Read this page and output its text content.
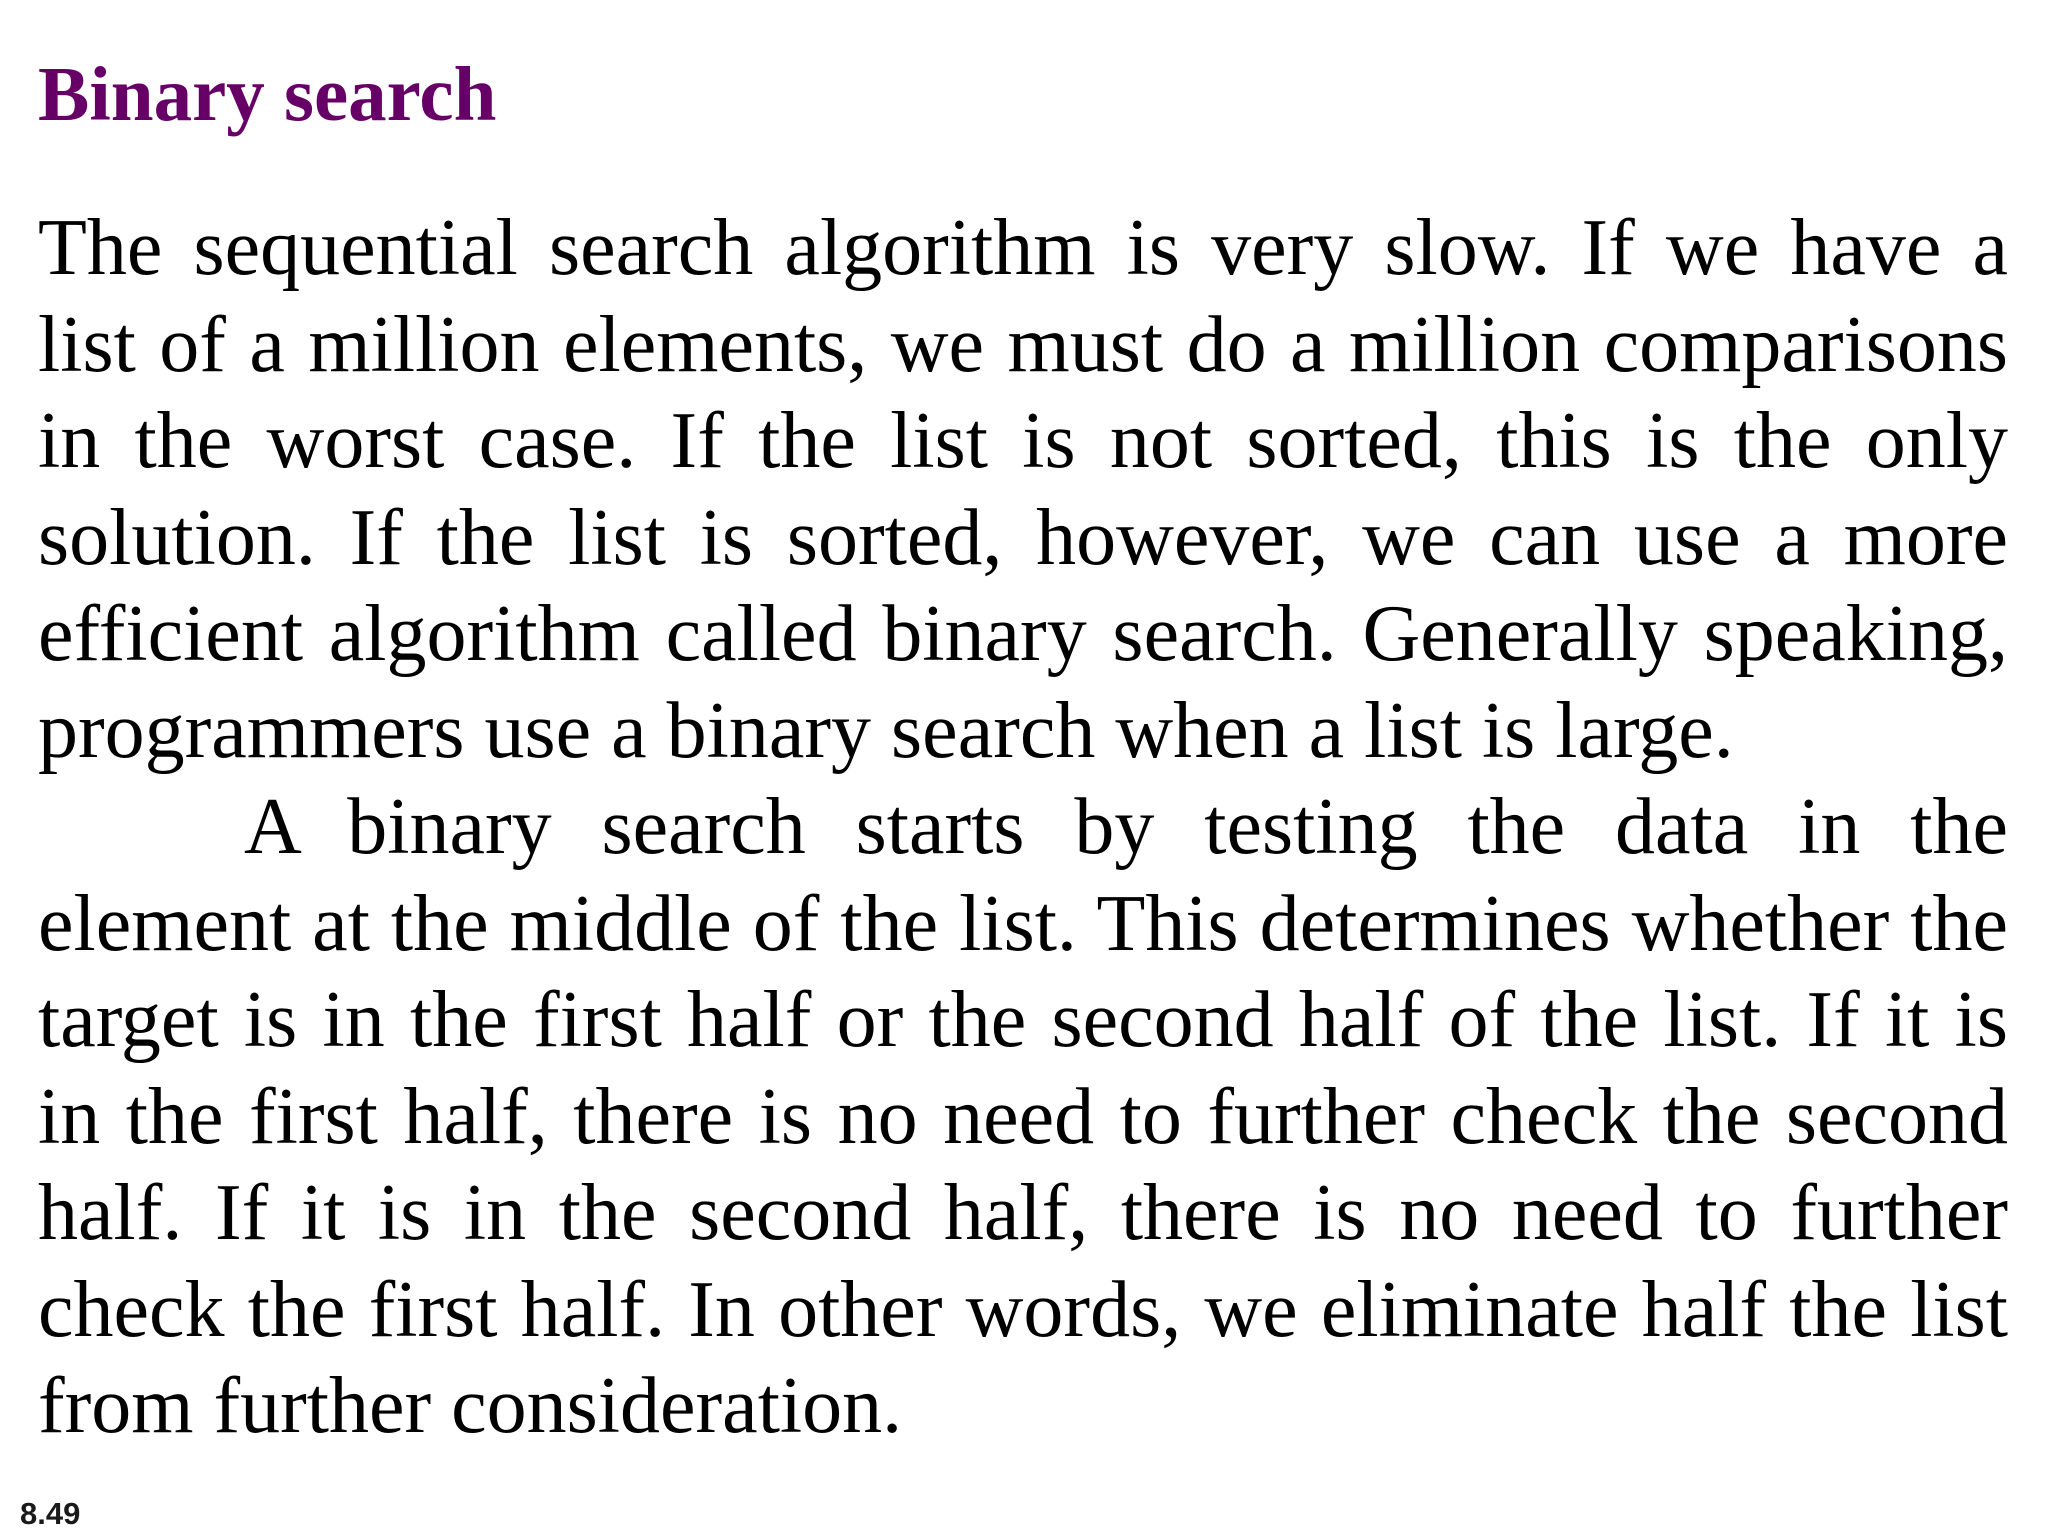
Binary search

The sequential search algorithm is very slow. If we have a list of a million elements, we must do a million comparisons in the worst case. If the list is not sorted, this is the only solution. If the list is sorted, however, we can use a more efficient algorithm called binary search. Generally speaking, programmers use a binary search when a list is large.

A binary search starts by testing the data in the element at the middle of the list. This determines whether the target is in the first half or the second half of the list. If it is in the first half, there is no need to further check the second half. If it is in the second half, there is no need to further check the first half. In other words, we eliminate half the list from further consideration.

8.49
